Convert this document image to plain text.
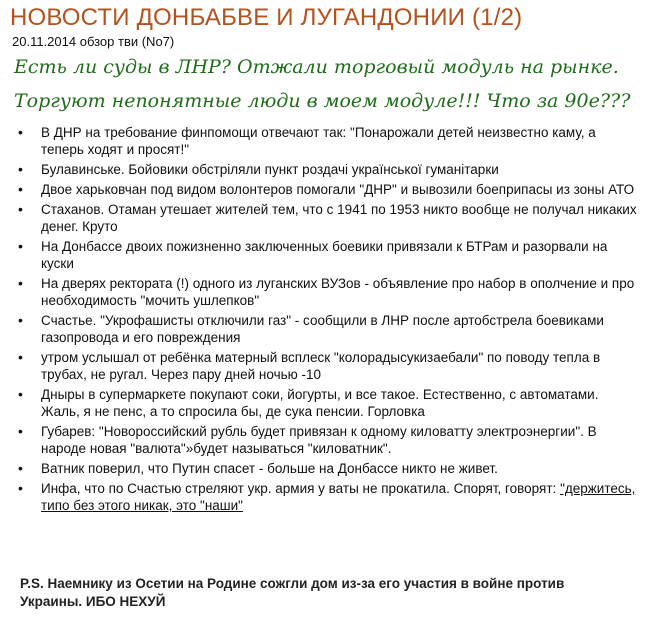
НОВОСТИ ДОНБАБВЕ И ЛУГАНДОНИИ (1/2)
20.11.2014 обзор тви (No7)
Есть ли суды в ЛНР? Отжали торговый модуль на рынке.
Торгуют непонятные люди в моем модуле!!! Что за 90е???
• В ДНР на требование финпомощи отвечают так: "Понарожали детей неизвестно каму, а теперь ходят и просят!"
• Булавинське. Бойовики обстріляли пункт роздачі української гуманітарки
• Двое харьковчан под видом волонтеров помогали "ДНР" и вывозили боеприпасы из зоны АТО
• Стаханов. Отаман утешает жителей тем, что с 1941 по 1953 никто вообще не получал никаких денег. Круто
• На Донбассе двоих пожизненно заключенных боевики привязали к БТРам и разорвали на куски
• На дверях ректората (!) одного из луганских ВУЗов - объявление про набор в ополчение и про необходимость "мочить ушлепков"
• Счастье. "Укрофашисты отключили газ" - сообщили в ЛНР после артобстрела боевиками газопровода и его повреждения
• утром услышал от ребёнка матерный всплеск "колорадысукизаебали" по поводу тепла в трубах, не ругал. Через пару дней ночью -10
• Дныры в супермаркете покупают соки, йогурты, и все такое. Естественно, с автоматами. Жаль, я не пенс, а то спросила бы, де сука пенсии. Горловка
• Губарев: "Новороссийский рубль будет привязан к одному киловатту электроэнергии". В народе новая "валюта"»будет называться "киловатник".
• Ватник поверил, что Путин спасет - больше на Донбассе никто не живет.
• Инфа, что по Счастью стреляют укр. армия у ваты не прокатила. Спорят, говорят: "держитесь, типо без этого никак, это "наши"
P.S. Наемнику из Осетии на Родине сожгли дом из-за его участия в войне против Украины. ИБО НЕХУЙ
